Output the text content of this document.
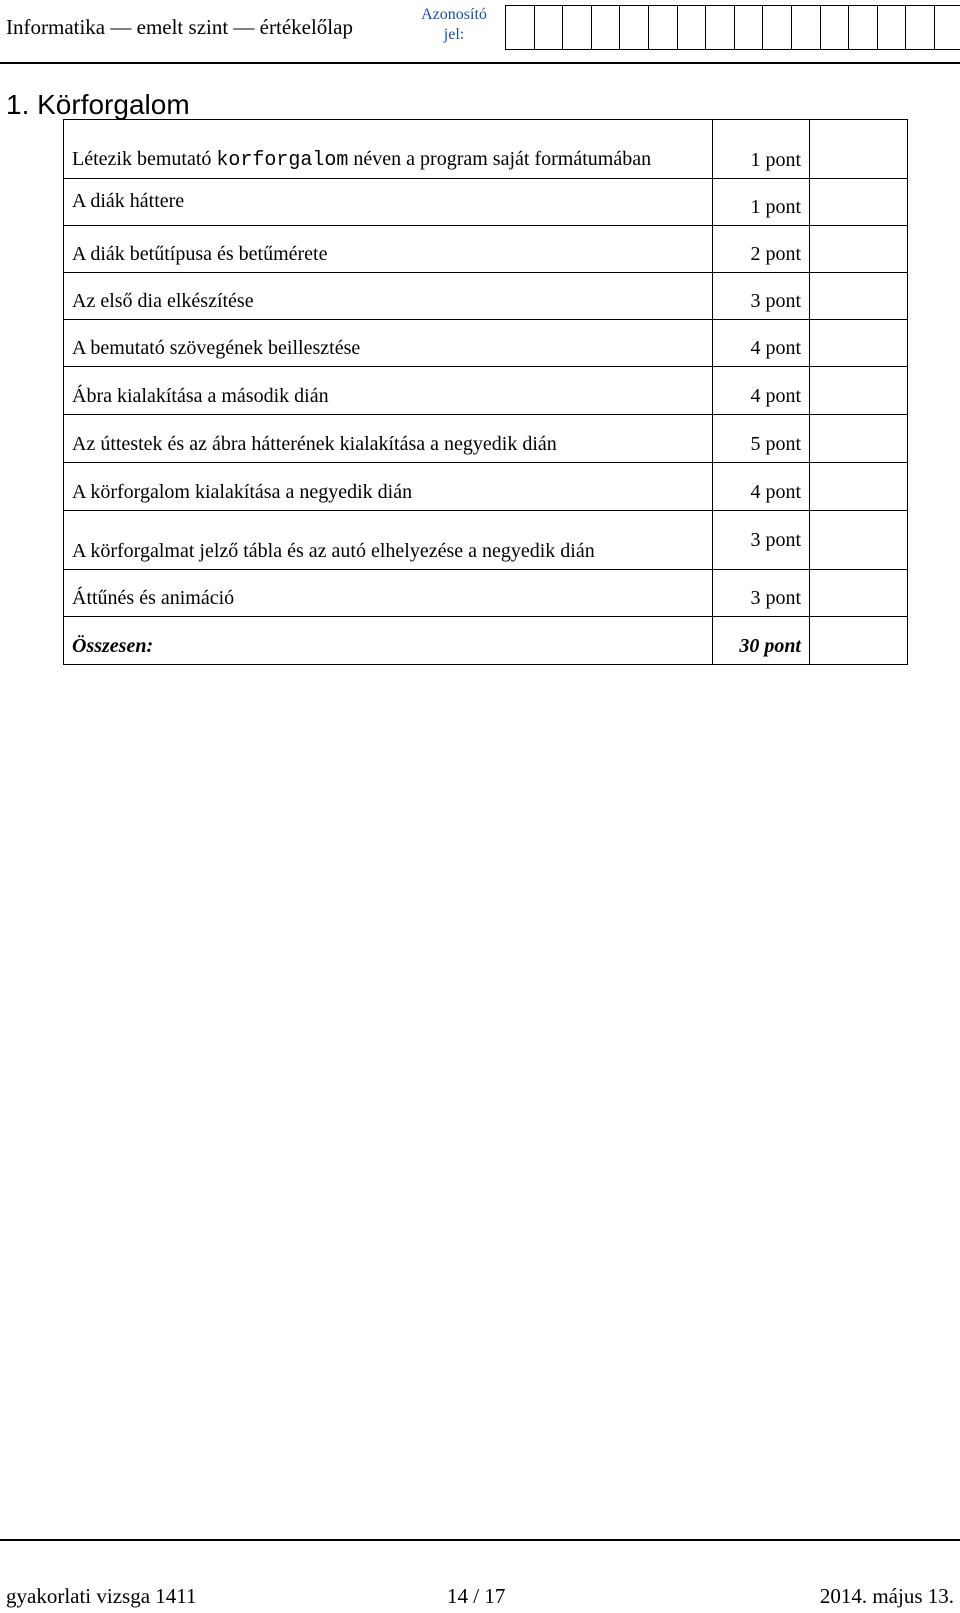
Informatika — emelt szint — értékelőlap
Azonosító
jel:
1. Körforgalom
Létezik bemutató korforgalom néven a program saját formátumában	1 pont	

A diák háttere	1 pont	

A diák betűtípusa és betűmérete	2 pont	

Az első dia elkészítése	3 pont	

A bemutató szövegének beillesztése	4 pont	

Ábra kialakítása a második dián	4 pont	

Az úttestek és az ábra hátterének kialakítása a negyedik dián	5 pont	

A körforgalom kialakítása a negyedik dián	4 pont	

A körforgalmat jelző tábla és az autó elhelyezése a negyedik dián	3 pont	

Áttűnés és animáció	3 pont	

Összesen:	30 pont	

gyakorlati vizsga 1411	14 / 17	2014. május 13.
